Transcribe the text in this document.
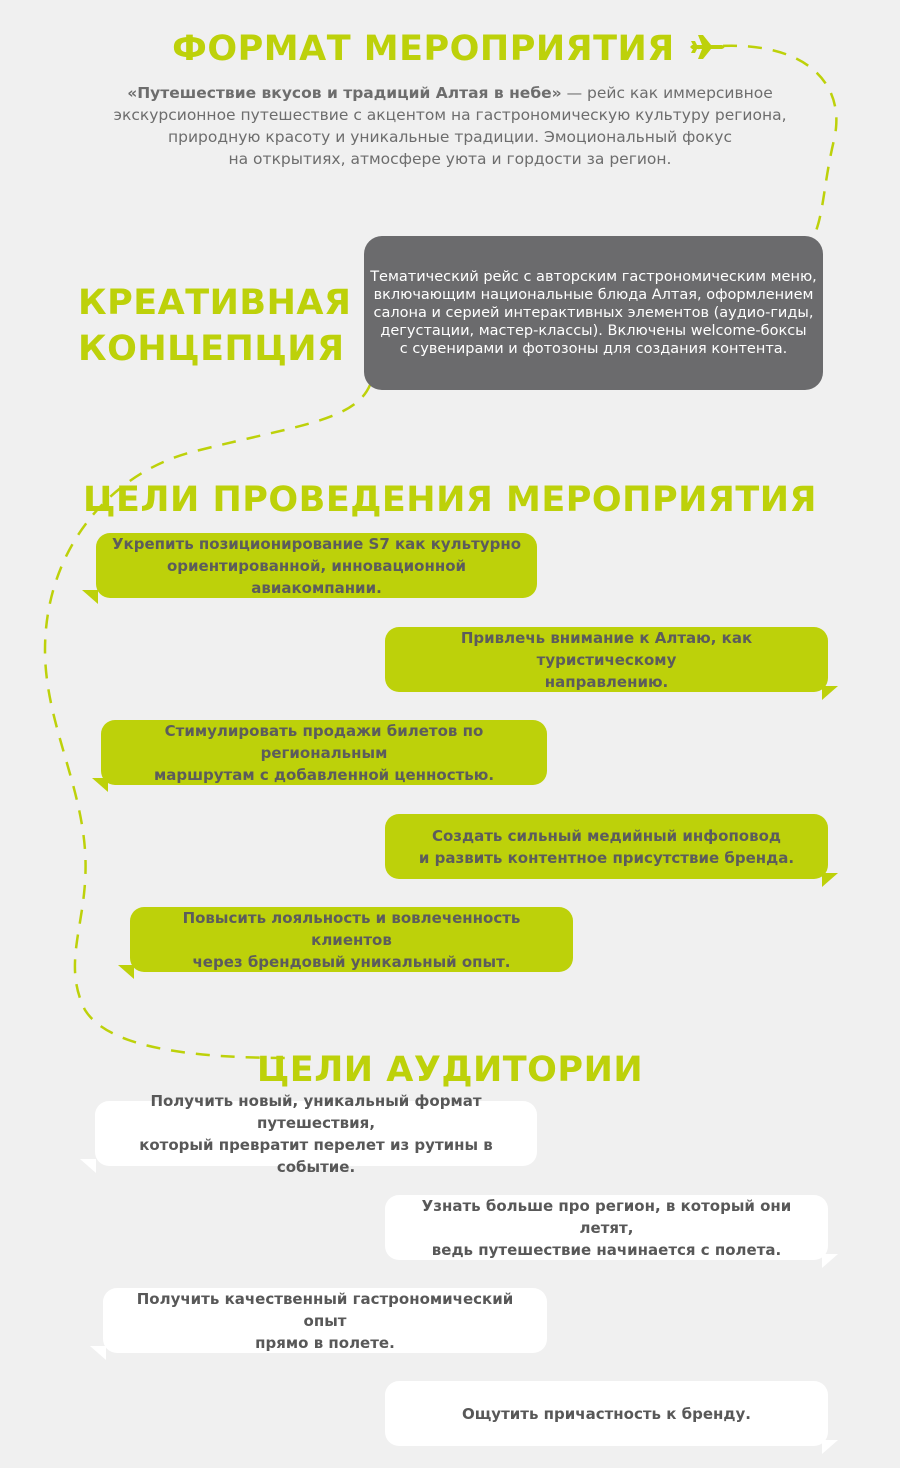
ФОРМАТ МЕРОПРИЯТИЯ
«Путешествие вкусов и традиций Алтая в небе» — рейс как иммерсивное
экскурсионное путешествие с акцентом на гастрономическую культуру региона,
природную красоту и уникальные традиции. Эмоциональный фокус
на открытиях, атмосфере уюта и гордости за регион.
КРЕАТИВНАЯ
КОНЦЕПЦИЯ
Тематический рейс с авторским гастрономическим меню,
включающим национальные блюда Алтая, оформлением
салона и серией интерактивных элементов (аудио-гиды,
дегустации, мастер-классы). Включены welcome-боксы
с сувенирами и фотозоны для создания контента.
ЦЕЛИ ПРОВЕДЕНИЯ МЕРОПРИЯТИЯ

Укрепить позиционирование S7 как культурно
ориентированной, инновационной авиакомпании.

Привлечь внимание к Алтаю, как туристическому
направлению.

Стимулировать продажи билетов по региональным
маршрутам с добавленной ценностью.

Создать сильный медийный инфоповод
и развить контентное присутствие бренда.

Повысить лояльность и вовлеченность клиентов
через брендовый уникальный опыт.

ЦЕЛИ АУДИТОРИИ

Получить новый, уникальный формат путешествия,
который превратит перелет из рутины в событие.

Узнать больше про регион, в который они летят,
ведь путешествие начинается с полета.

Получить качественный гастрономический опыт
прямо в полете.

Ощутить причастность к бренду.
